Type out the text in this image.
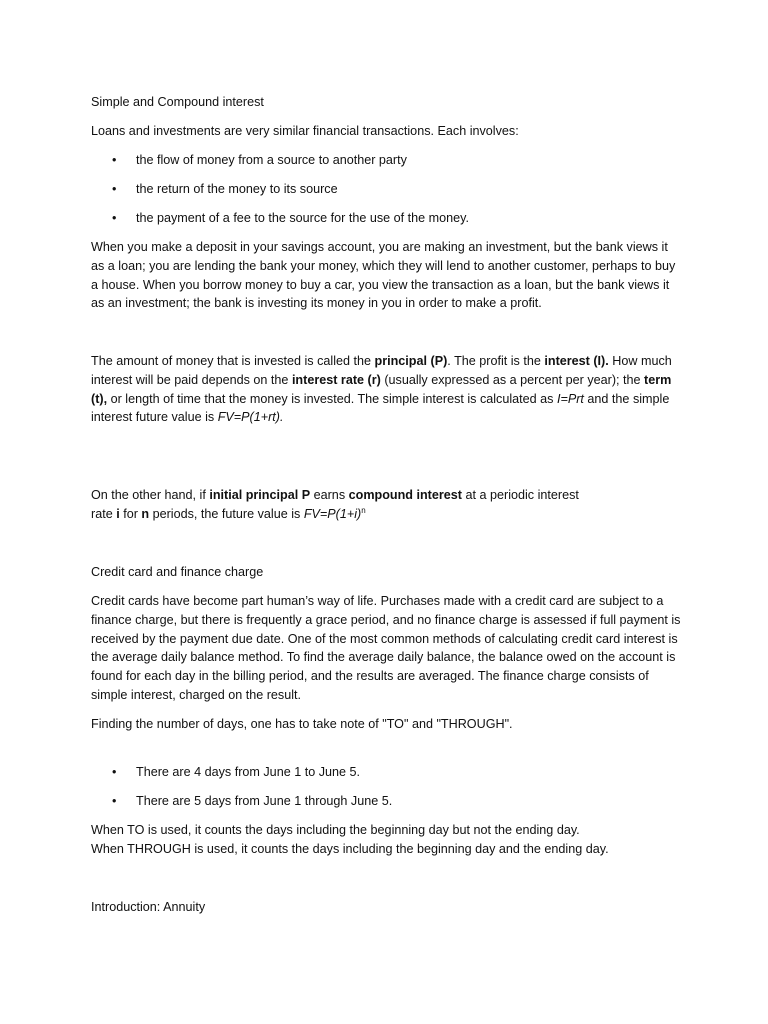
Simple and Compound interest

Loans and investments are very similar financial transactions. Each involves:

• the flow of money from a source to another party
• the return of the money to its source
• the payment of a fee to the source for the use of the money.

When you make a deposit in your savings account, you are making an investment, but the bank views it as a loan; you are lending the bank your money, which they will lend to another customer, perhaps to buy a house. When you borrow money to buy a car, you view the transaction as a loan, but the bank views it as an investment; the bank is investing its money in you in order to make a profit.

The amount of money that is invested is called the principal (P). The profit is the interest (I). How much interest will be paid depends on the interest rate (r) (usually expressed as a percent per year); the term (t), or length of time that the money is invested. The simple interest is calculated as I=Prt and the simple interest future value is FV=P(1+rt).

On the other hand, if initial principal P earns compound interest at a periodic interest
rate i for n periods, the future value is $FV=P(1+i)^n$

Credit card and finance charge

Credit cards have become part human’s way of life. Purchases made with a credit card are subject to a finance charge, but there is frequently a grace period, and no finance charge is assessed if full payment is received by the payment due date. One of the most common methods of calculating credit card interest is the average daily balance method. To find the average daily balance, the balance owed on the account is found for each day in the billing period, and the results are averaged. The finance charge consists of simple interest, charged on the result.

Finding the number of days, one has to take note of "TO" and "THROUGH".

• There are 4 days from June 1 to June 5.
• There are 5 days from June 1 through June 5.

When TO is used, it counts the days including the beginning day but not the ending day.

When THROUGH is used, it counts the days including the beginning day and the ending day.

Introduction: Annuity
